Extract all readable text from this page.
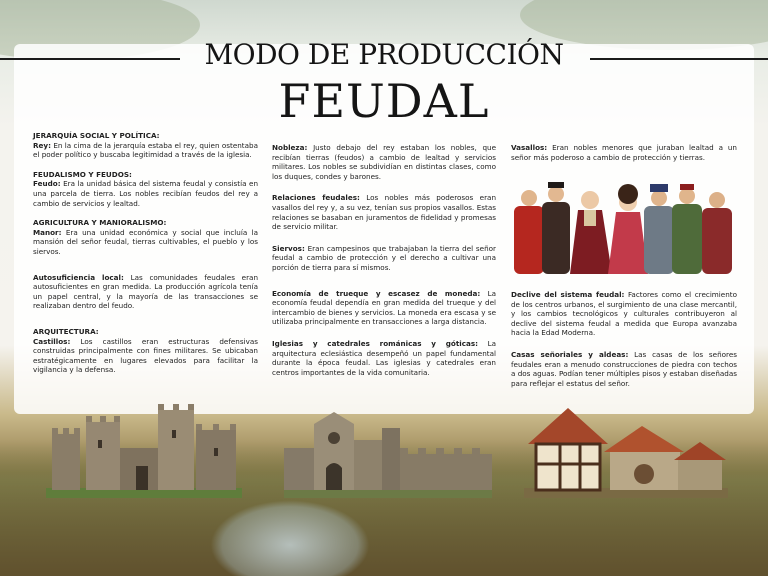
MODO DE PRODUCCIÓN
FEUDAL
JERARQUÍA SOCIAL Y POLÍTICA:

Rey: En la cima de la jerarquía estaba el rey, quien ostentaba el poder político y buscaba legitimidad a través de la iglesia.

FEUDALISMO Y FEUDOS:

Feudo: Era la unidad básica del sistema feudal y consistía en una parcela de tierra. Los nobles recibían feudos del rey a cambio de servicios y lealtad.

AGRICULTURA Y MANIORALISMO:

Manor: Era una unidad económica y social que incluía la mansión del señor feudal, tierras cultivables, el pueblo y los siervos.

Autosuficiencia local: Las comunidades feudales eran autosuficientes en gran medida. La producción agrícola tenía un papel central, y la mayoría de las transacciones se realizaban dentro del feudo.

ARQUITECTURA:

Castillos: Los castillos eran estructuras defensivas construidas principalmente con fines militares. Se ubicaban estratégicamente en lugares elevados para facilitar la vigilancia y la defensa.

Nobleza: Justo debajo del rey estaban los nobles, que recibían tierras (feudos) a cambio de lealtad y servicios militares. Los nobles se subdividían en distintas clases, como los duques, condes y barones.

Relaciones feudales: Los nobles más poderosos eran vasallos del rey y, a su vez, tenían sus propios vasallos. Estas relaciones se basaban en juramentos de fidelidad y promesas de servicio militar.

Siervos: Eran campesinos que trabajaban la tierra del señor feudal a cambio de protección y el derecho a cultivar una porción de tierra para sí mismos.

Economía de trueque y escasez de moneda: La economía feudal dependía en gran medida del trueque y del intercambio de bienes y servicios. La moneda era escasa y se utilizaba principalmente en transacciones a larga distancia.

Iglesias y catedrales románicas y góticas: La arquitectura eclesiástica desempeñó un papel fundamental durante la época feudal. Las iglesias y catedrales eran centros importantes de la vida comunitaria.

Vasallos: Eran nobles menores que juraban lealtad a un señor más poderoso a cambio de protección y tierras.

Declive del sistema feudal: Factores como el crecimiento de los centros urbanos, el surgimiento de una clase mercantil, y los cambios tecnológicos y culturales contribuyeron al declive del sistema feudal a medida que Europa avanzaba hacia la Edad Moderna.

Casas señoriales y aldeas: Las casas de los señores feudales eran a menudo construcciones de piedra con techos a dos aguas. Podían tener múltiples pisos y estaban diseñadas para reflejar el estatus del señor.
